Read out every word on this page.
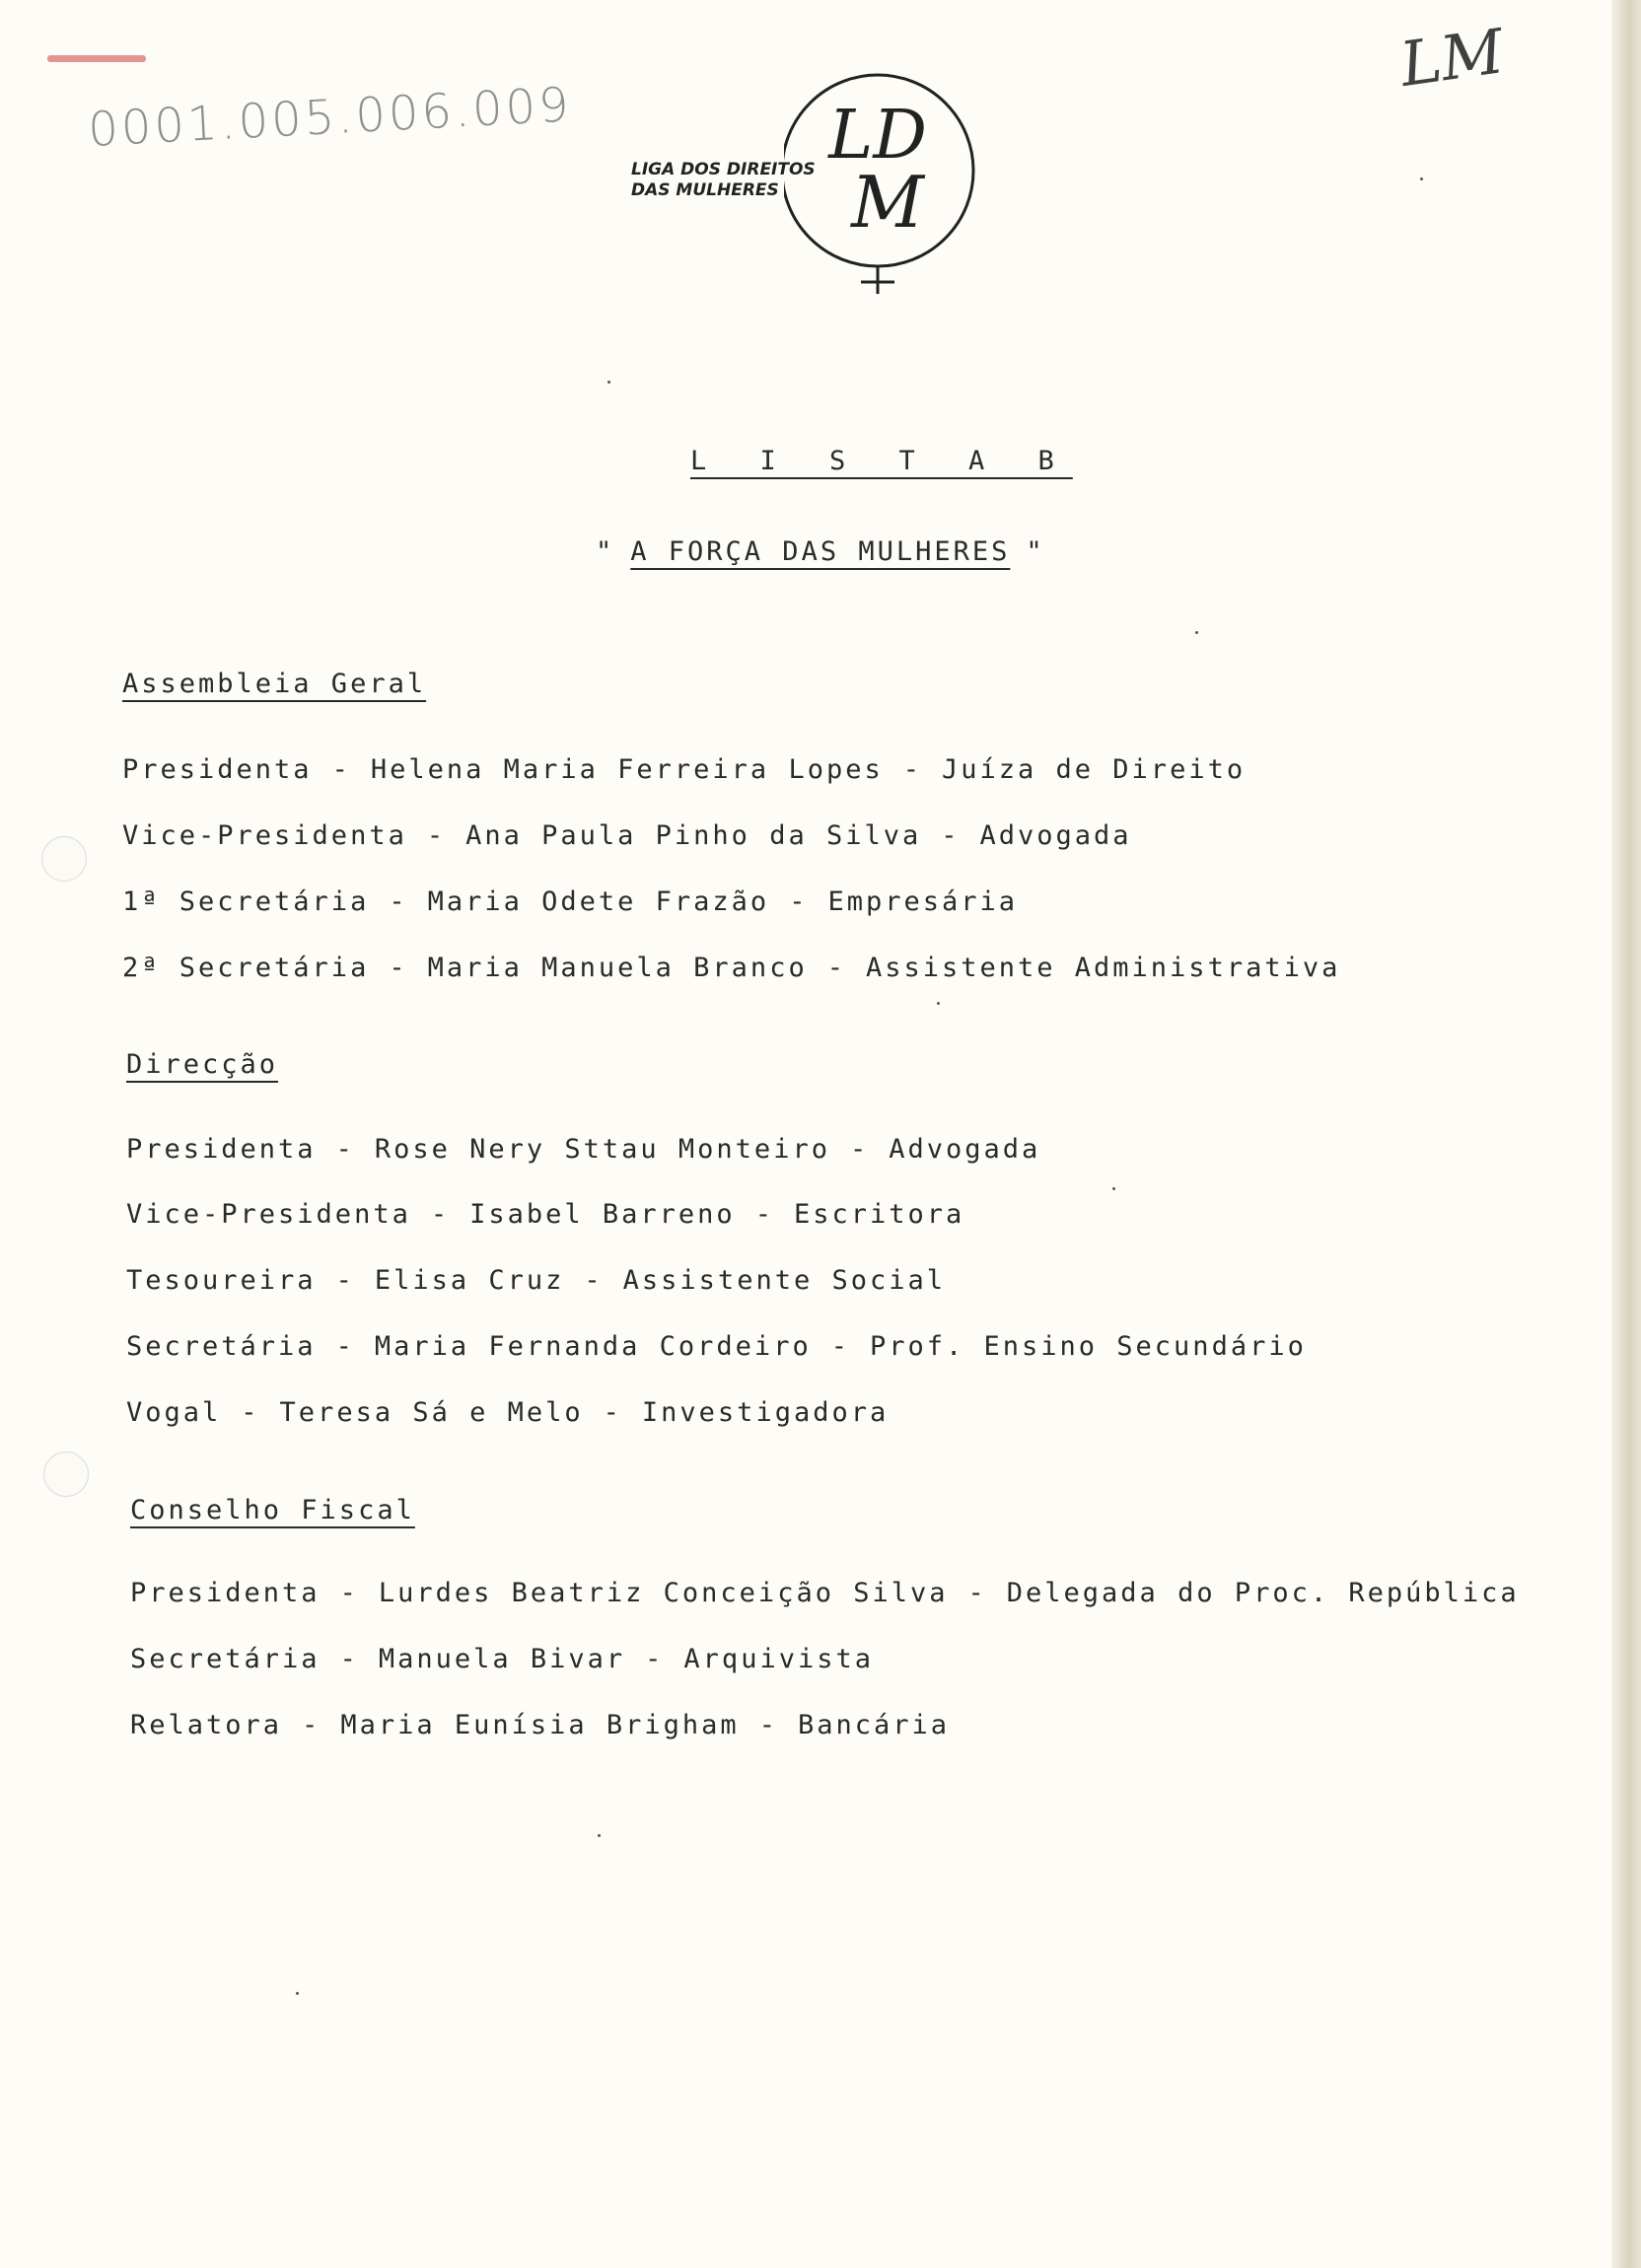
0001.005.006.009
LM
LIGA DOS DIREITOS
DAS MULHERES
LD
M
L I S T A B
" A FORÇA DAS MULHERES "
Assembleia Geral
Presidenta - Helena Maria Ferreira Lopes - Juíza de Direito
Vice-Presidenta - Ana Paula Pinho da Silva - Advogada
1ª Secretária - Maria Odete Frazão - Empresária
2ª Secretária - Maria Manuela Branco - Assistente Administrativa
Direcção
Presidenta - Rose Nery Sttau Monteiro - Advogada
Vice-Presidenta - Isabel Barreno - Escritora
Tesoureira - Elisa Cruz - Assistente Social
Secretária - Maria Fernanda Cordeiro - Prof. Ensino Secundário
Vogal - Teresa Sá e Melo - Investigadora
Conselho Fiscal
Presidenta - Lurdes Beatriz Conceição Silva - Delegada do Proc. República
Secretária - Manuela Bivar - Arquivista
Relatora - Maria Eunísia Brigham - Bancária
